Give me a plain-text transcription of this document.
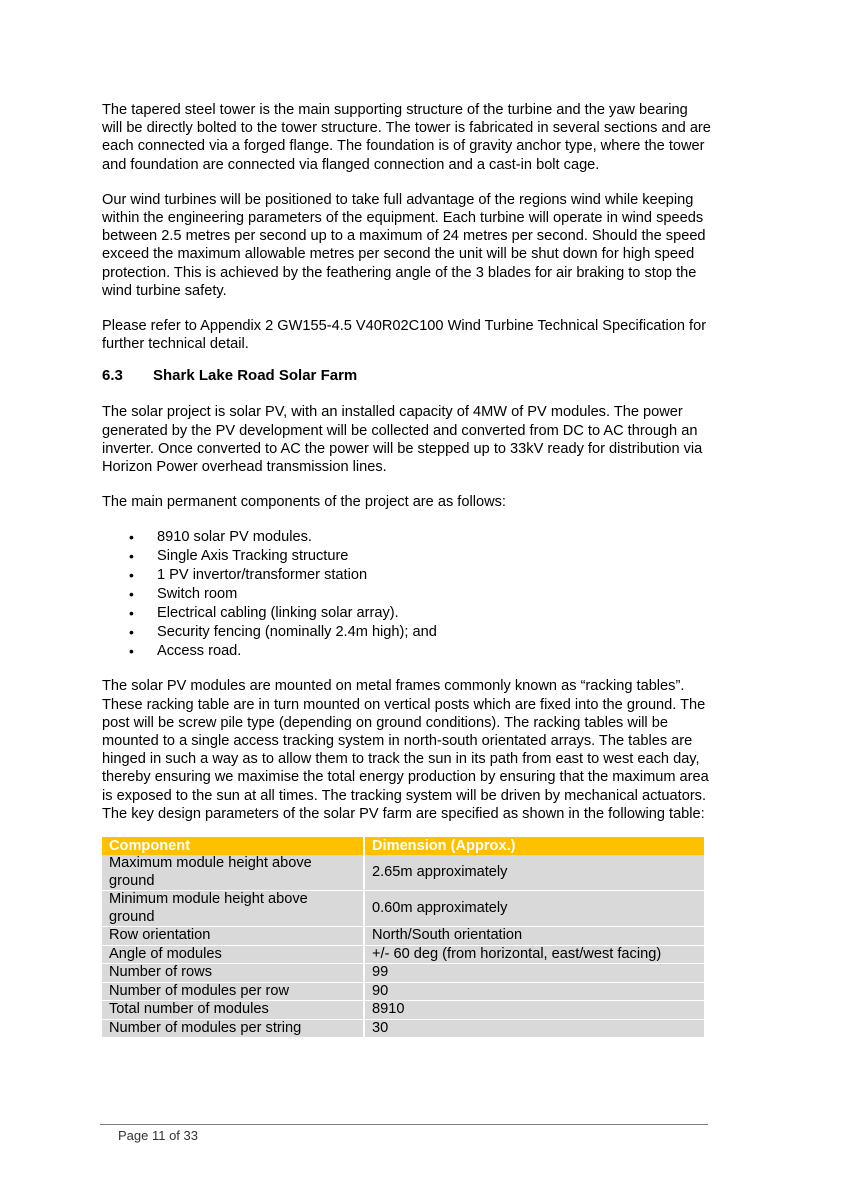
The tapered steel tower is the main supporting structure of the turbine and the yaw bearing will be directly bolted to the tower structure. The tower is fabricated in several sections and are each connected via a forged flange. The foundation is of gravity anchor type, where the tower and foundation are connected via flanged connection and a cast-in bolt cage.

Our wind turbines will be positioned to take full advantage of the regions wind while keeping within the engineering parameters of the equipment. Each turbine will operate in wind speeds between 2.5 metres per second up to a maximum of 24 metres per second. Should the speed exceed the maximum allowable metres per second the unit will be shut down for high speed protection. This is achieved by the feathering angle of the 3 blades for air braking to stop the wind turbine safety.

Please refer to Appendix 2 GW155-4.5 V40R02C100 Wind Turbine Technical Specification for further technical detail.

6.3 Shark Lake Road Solar Farm

The solar project is solar PV, with an installed capacity of 4MW of PV modules. The power generated by the PV development will be collected and converted from DC to AC through an inverter. Once converted to AC the power will be stepped up to 33kV ready for distribution via Horizon Power overhead transmission lines.

The main permanent components of the project are as follows:

• 8910 solar PV modules.
• Single Axis Tracking structure
• 1 PV invertor/transformer station
• Switch room
• Electrical cabling (linking solar array).
• Security fencing (nominally 2.4m high); and
• Access road.

The solar PV modules are mounted on metal frames commonly known as “racking tables”. These racking table are in turn mounted on vertical posts which are fixed into the ground. The post will be screw pile type (depending on ground conditions). The racking tables will be mounted to a single access tracking system in north-south orientated arrays. The tables are hinged in such a way as to allow them to track the sun in its path from east to west each day, thereby ensuring we maximise the total energy production by ensuring that the maximum area is exposed to the sun at all times. The tracking system will be driven by mechanical actuators. The key design parameters of the solar PV farm are specified as shown in the following table:

Component	Dimension (Approx.)
Maximum module height above ground	2.65m approximately
Minimum module height above ground	0.60m approximately
Row orientation	North/South orientation
Angle of modules	+/- 60 deg (from horizontal, east/west facing)
Number of rows	99
Number of modules per row	90
Total number of modules	8910
Number of modules per string	30
Page 11 of 33
